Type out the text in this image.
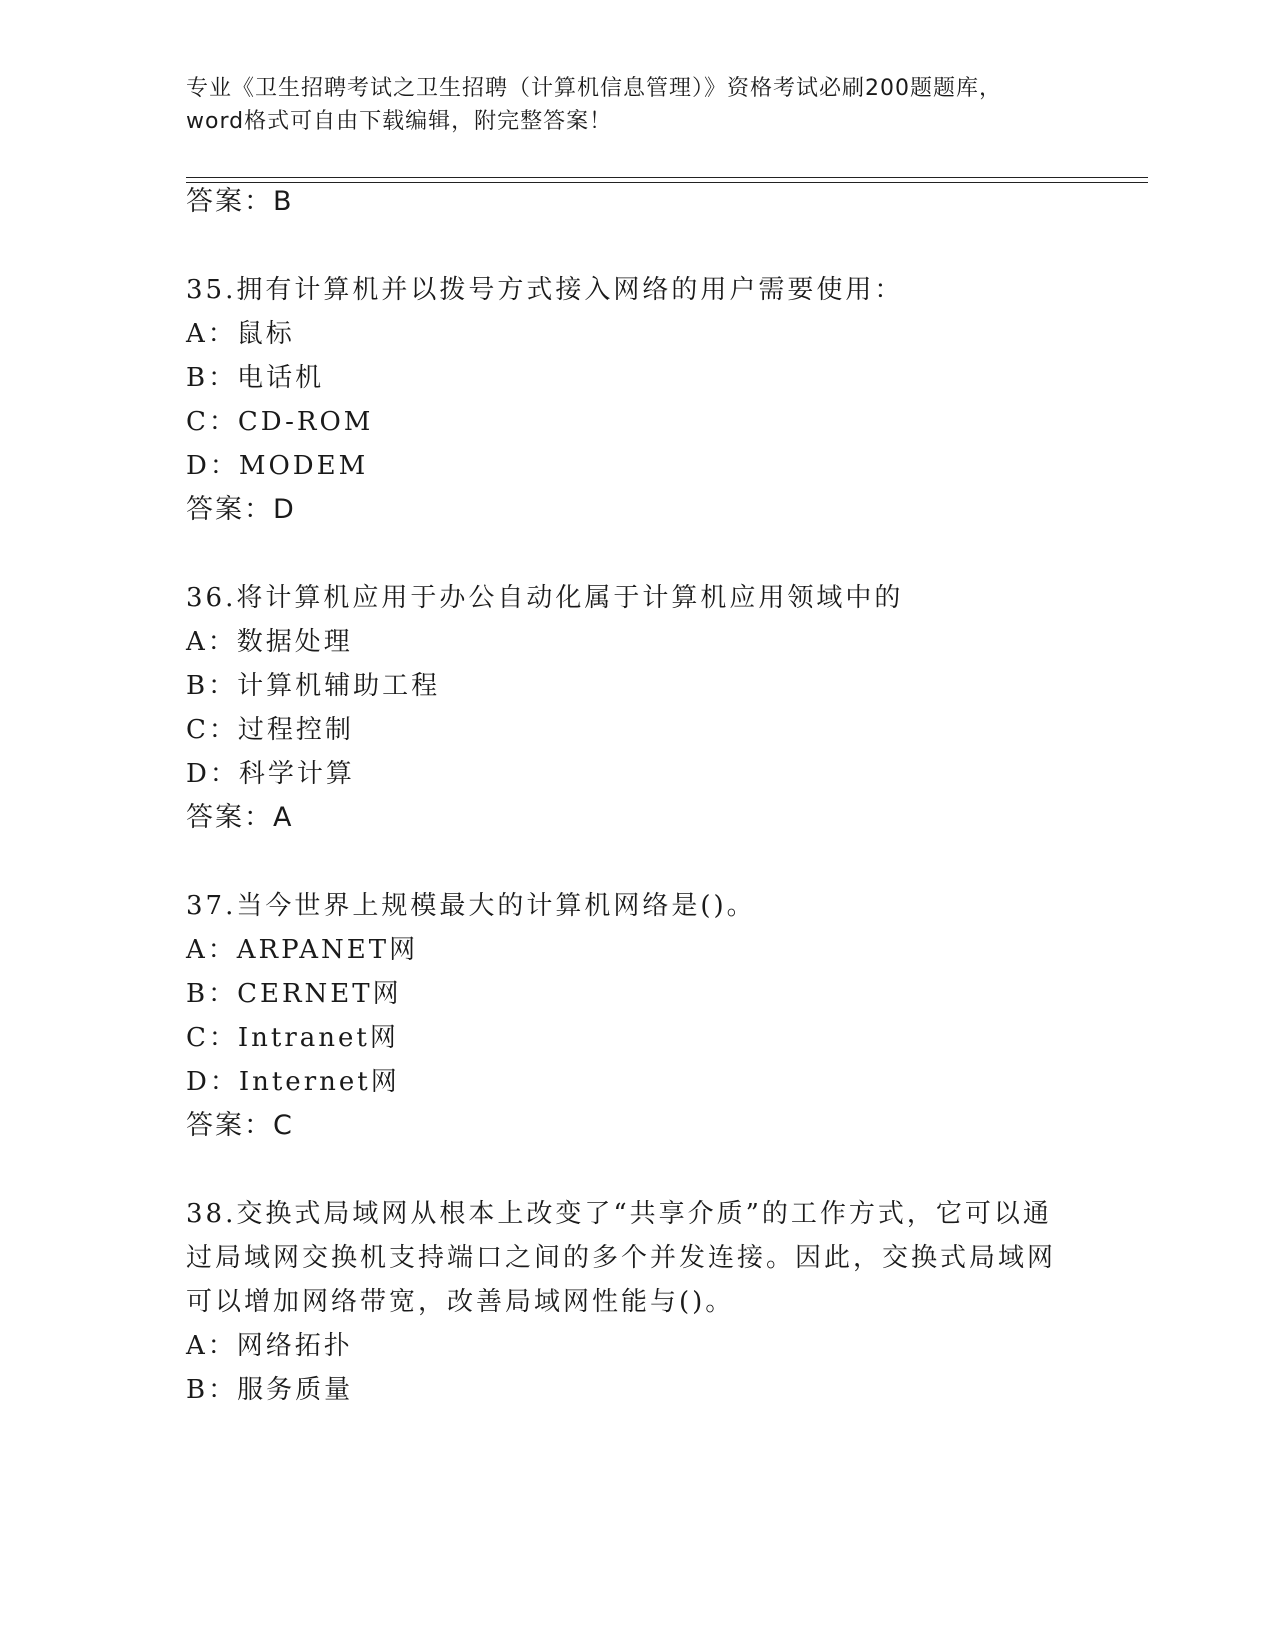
专业《卫生招聘考试之卫生招聘（计算机信息管理）》资格考试必刷200题题库，
word格式可自由下载编辑，附完整答案！
答案：B
35.拥有计算机并以拨号方式接入网络的用户需要使用：
A：鼠标
B：电话机
C：CD-ROM
D：MODEM
答案：D
36.将计算机应用于办公自动化属于计算机应用领域中的
A：数据处理
B：计算机辅助工程
C：过程控制
D：科学计算
答案：A
37.当今世界上规模最大的计算机网络是()。
A：ARPANET网
B：CERNET网
C：Intranet网
D：Internet网
答案：C
38.交换式局域网从根本上改变了“共享介质”的工作方式，它可以通
过局域网交换机支持端口之间的多个并发连接。因此，交换式局域网
可以增加网络带宽，改善局域网性能与()。
A：网络拓扑
B：服务质量
